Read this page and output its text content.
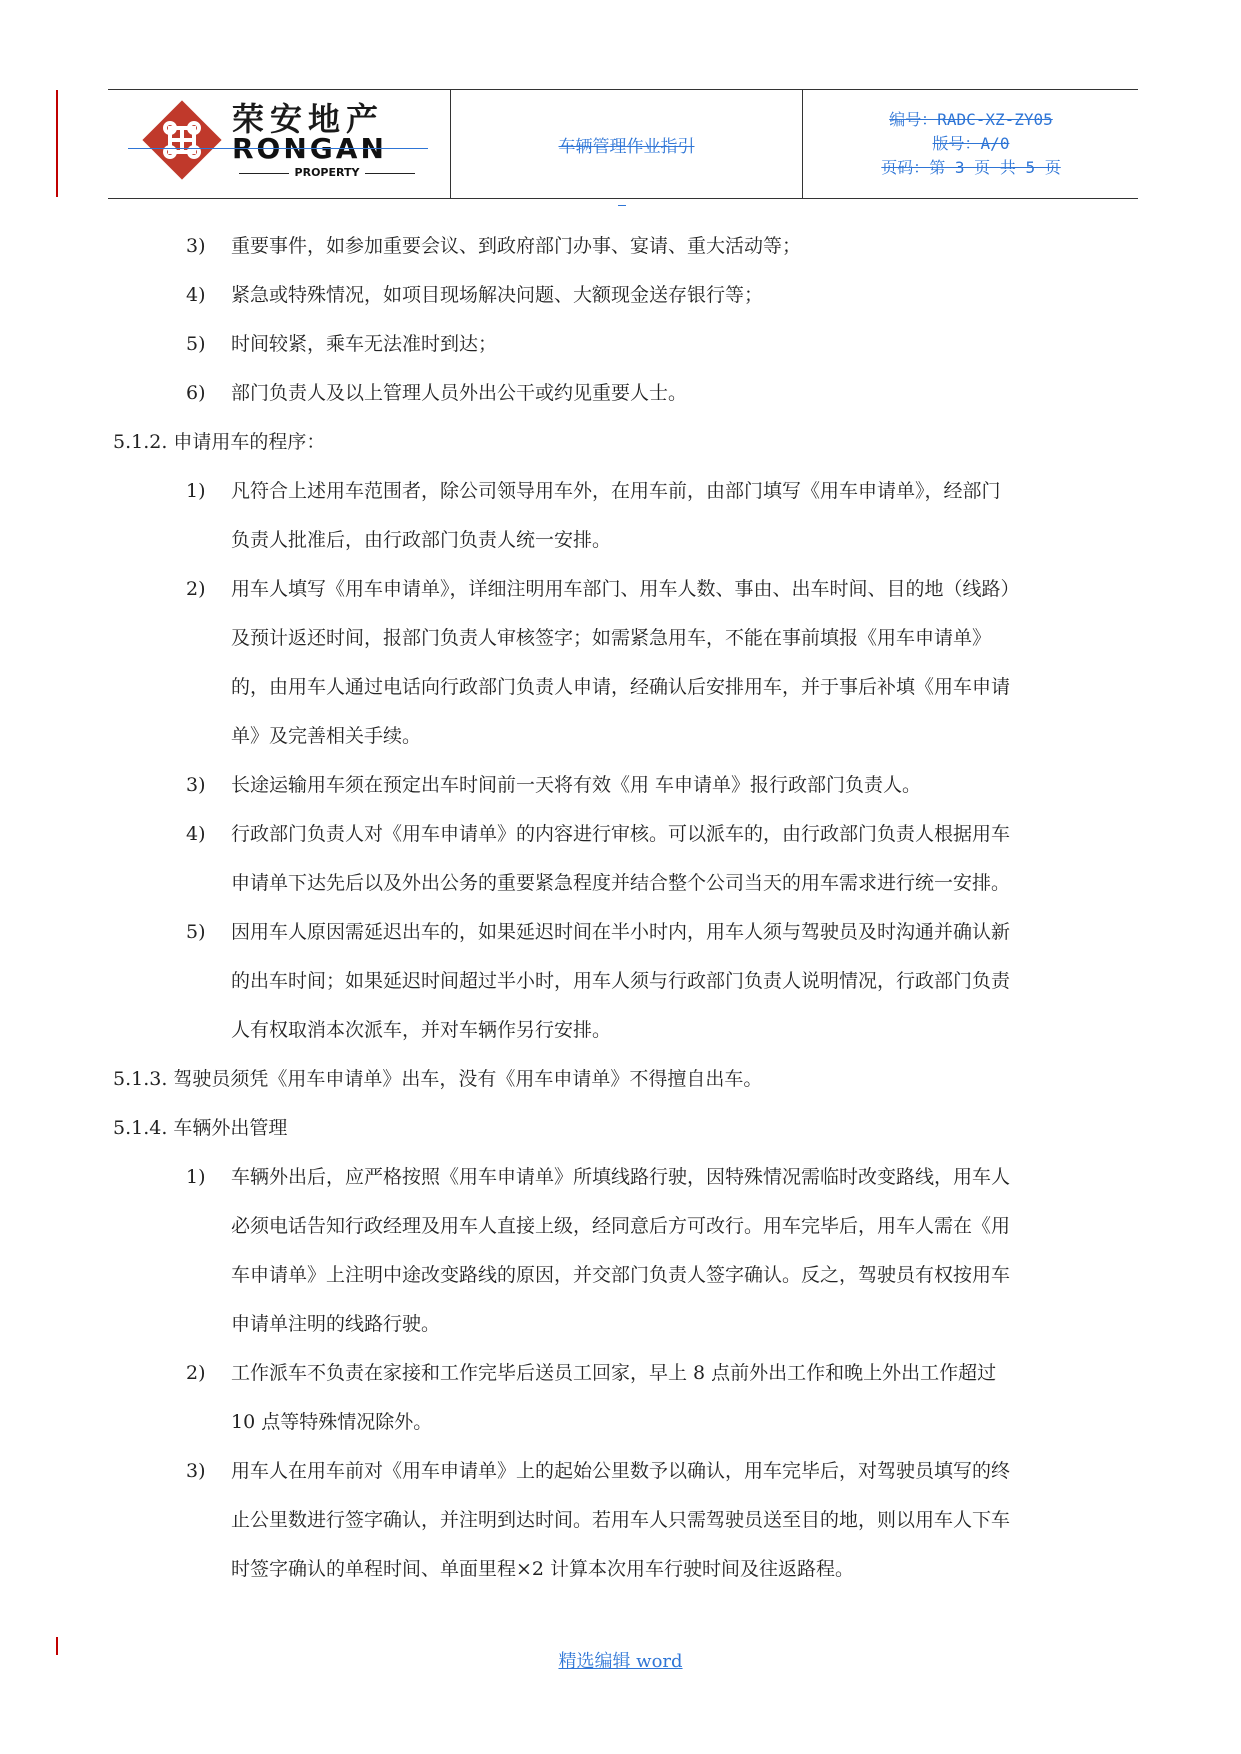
荣安地产
RONGAN
PROPERTY
车辆管理作业指引
编号：RADC-XZ-ZY05
版号：A/0
页码：第 3 页 共 5 页
3) 重要事件，如参加重要会议、到政府部门办事、宴请、重大活动等；
4) 紧急或特殊情况，如项目现场解决问题、大额现金送存银行等；
5) 时间较紧，乘车无法准时到达；
6) 部门负责人及以上管理人员外出公干或约见重要人士。
5.1.2. 申请用车的程序：
1) 凡符合上述用车范围者，除公司领导用车外，在用车前，由部门填写《用车申请单》，经部门
负责人批准后，由行政部门负责人统一安排。
2) 用车人填写《用车申请单》，详细注明用车部门、用车人数、事由、出车时间、目的地（线路）
及预计返还时间，报部门负责人审核签字；如需紧急用车，不能在事前填报《用车申请单》
的，由用车人通过电话向行政部门负责人申请，经确认后安排用车，并于事后补填《用车申请
单》及完善相关手续。
3) 长途运输用车须在预定出车时间前一天将有效《用 车申请单》报行政部门负责人。
4) 行政部门负责人对《用车申请单》的内容进行审核。可以派车的，由行政部门负责人根据用车
申请单下达先后以及外出公务的重要紧急程度并结合整个公司当天的用车需求进行统一安排。
5) 因用车人原因需延迟出车的，如果延迟时间在半小时内，用车人须与驾驶员及时沟通并确认新
的出车时间；如果延迟时间超过半小时，用车人须与行政部门负责人说明情况，行政部门负责
人有权取消本次派车，并对车辆作另行安排。
5.1.3. 驾驶员须凭《用车申请单》出车，没有《用车申请单》不得擅自出车。
5.1.4. 车辆外出管理
1) 车辆外出后，应严格按照《用车申请单》所填线路行驶，因特殊情况需临时改变路线，用车人
必须电话告知行政经理及用车人直接上级，经同意后方可改行。用车完毕后，用车人需在《用
车申请单》上注明中途改变路线的原因，并交部门负责人签字确认。反之，驾驶员有权按用车
申请单注明的线路行驶。
2) 工作派车不负责在家接和工作完毕后送员工回家，早上 8 点前外出工作和晚上外出工作超过
10 点等特殊情况除外。
3) 用车人在用车前对《用车申请单》上的起始公里数予以确认，用车完毕后，对驾驶员填写的终
止公里数进行签字确认，并注明到达时间。若用车人只需驾驶员送至目的地，则以用车人下车
时签字确认的单程时间、单面里程×2 计算本次用车行驶时间及往返路程。
精选编辑 word
